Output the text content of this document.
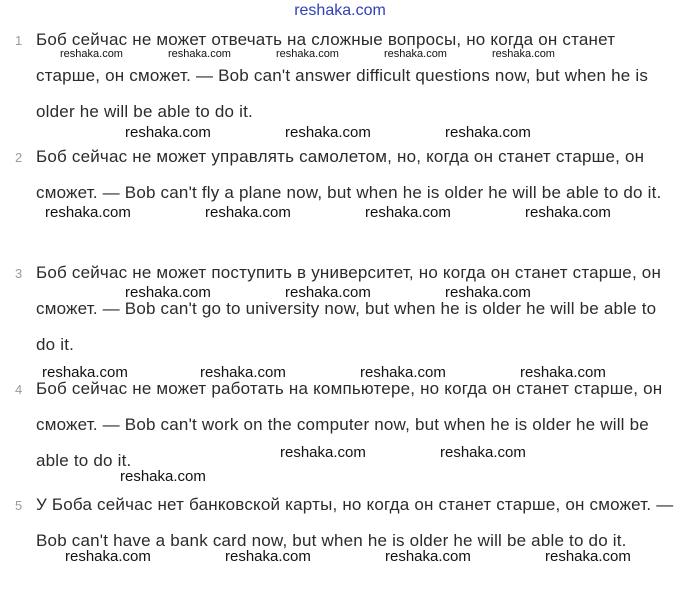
reshaka.com
1 Боб сейчас не может отвечать на сложные вопросы, но когда он станет старше, он сможет. — Bob can't answer difficult questions now, but when he is older he will be able to do it.
2 Боб сейчас не может управлять самолетом, но, когда он станет старше, он сможет. — Bob can't fly a plane now, but when he is older he will be able to do it.
3 Боб сейчас не может поступить в университет, но когда он станет старше, он сможет. — Bob can't go to university now, but when he is older he will be able to do it.
4 Боб сейчас не может работать на компьютере, но когда он станет старше, он сможет. — Bob can't work on the computer now, but when he is older he will be able to do it.
5 У Боба сейчас нет банковской карты, но когда он станет старше, он сможет. — Bob can't have a bank card now, but when he is older he will be able to do it.
reshaka.com	reshaka.com	reshaka.com	reshaka.com	reshaka.com
reshaka.com	reshaka.com	reshaka.com
reshaka.com	reshaka.com	reshaka.com	reshaka.com
reshaka.com	reshaka.com	reshaka.com
reshaka.com	reshaka.com	reshaka.com	reshaka.com
reshaka.com	reshaka.com
reshaka.com
reshaka.com	reshaka.com	reshaka.com	reshaka.com
